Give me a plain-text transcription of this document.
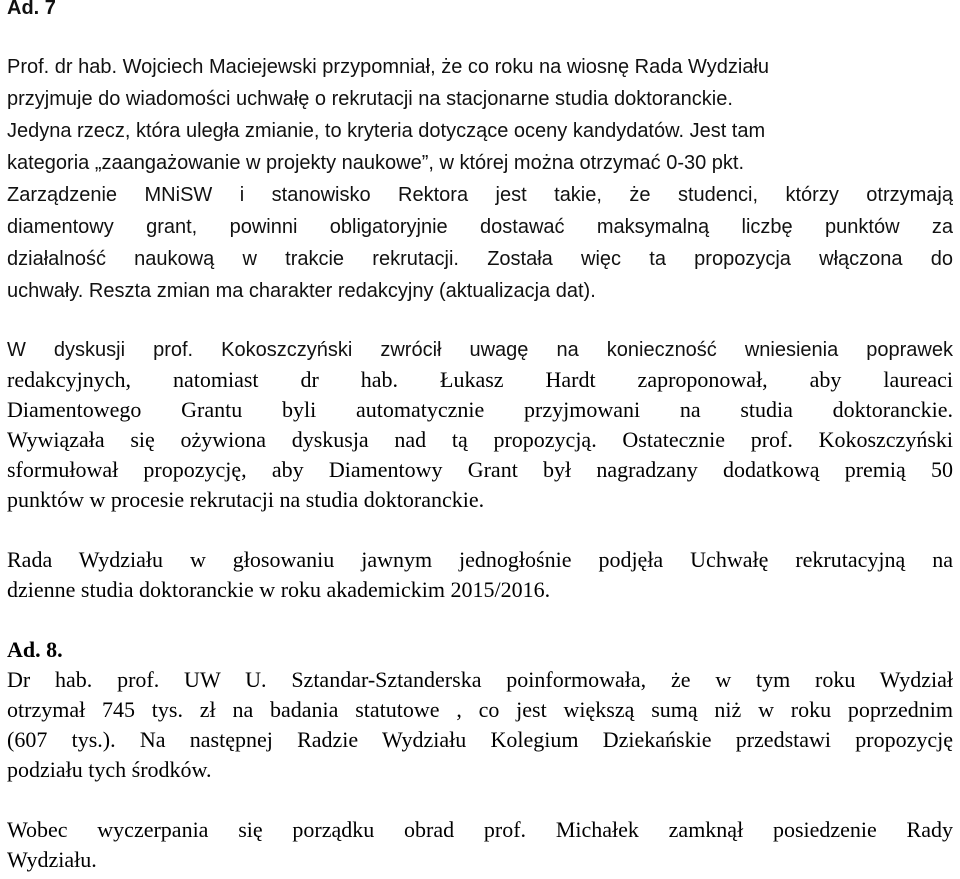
Ad. 7
Prof. dr hab. Wojciech Maciejewski przypomniał, że co roku na wiosnę Rada Wydziału
przyjmuje do wiadomości uchwałę o rekrutacji na stacjonarne studia doktoranckie.
Jedyna rzecz, która uległa zmianie, to kryteria dotyczące oceny kandydatów. Jest tam
kategoria „zaangażowanie w projekty naukowe”, w której można otrzymać 0-30 pkt.
Zarządzenie MNiSW i stanowisko Rektora jest takie, że studenci, którzy otrzymają
diamentowy grant, powinni obligatoryjnie dostawać maksymalną liczbę punktów za
działalność naukową w trakcie rekrutacji. Została więc ta propozycja włączona do
uchwały. Reszta zmian ma charakter redakcyjny (aktualizacja dat).
W dyskusji prof. Kokoszczyński zwrócił uwagę na konieczność wniesienia poprawek
redakcyjnych, natomiast dr hab. Łukasz Hardt zaproponował, aby laureaci
Diamentowego Grantu byli automatycznie przyjmowani na studia doktoranckie.
Wywiązała się ożywiona dyskusja nad tą propozycją. Ostatecznie prof. Kokoszczyński
sformułował propozycję, aby Diamentowy Grant był nagradzany dodatkową premią 50
punktów w procesie rekrutacji na studia doktoranckie.
Rada Wydziału w głosowaniu jawnym jednogłośnie podjęła Uchwałę rekrutacyjną na
dzienne studia doktoranckie w roku akademickim 2015/2016.
Ad. 8.
Dr hab. prof. UW U. Sztandar-Sztanderska poinformowała, że w tym roku Wydział
otrzymał 745 tys. zł na badania statutowe , co jest większą sumą niż w roku poprzednim
(607 tys.). Na następnej Radzie Wydziału Kolegium Dziekańskie przedstawi propozycję
podziału tych środków.
Wobec wyczerpania się porządku obrad prof. Michałek zamknął posiedzenie Rady
Wydziału.
